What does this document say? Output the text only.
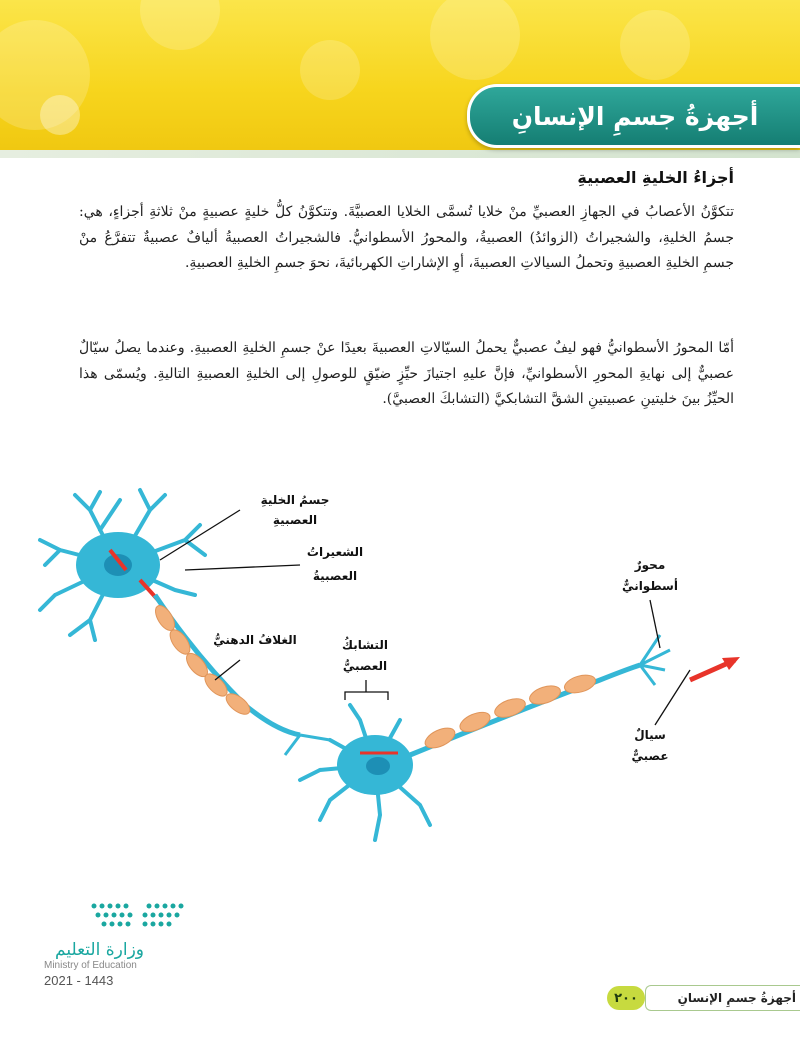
أجهزةُ جسمِ الإنسانِ
أجزاءُ الخليةِ العصبيةِ
تتكوَّنُ الأعصابُ في الجهازِ العصبيِّ منْ خلايا تُسمَّى الخلايا العصبيَّةَ. وتتكوَّنُ كلُّ خليةٍ عصبيةٍ منْ ثلاثةِ أجزاءٍ، هي: جسمُ الخليةِ، والشجيراتُ (الزوائدُ) العصبيةُ، والمحورُ الأسطوانيُّ. فالشجيراتُ العصبيةُ أليافٌ عصبيةٌ تتفرَّعُ منْ جسمِ الخليةِ العصبيةِ وتحملُ السيالاتِ العصبيةَ، أوِ الإشاراتِ الكهربائيةَ، نحوَ جسمِ الخليةِ العصبيةِ.
أمّا المحورُ الأسطوانيُّ فهو ليفٌ عصبيٌّ يحملُ السيّالاتِ العصبيةَ بعيدًا عنْ جسمِ الخليةِ العصبيةِ. وعندما يصلُ سيّالٌ عصبيٌّ إلى نهايةِ المحورِ الأسطوانيِّ، فإنَّ عليهِ اجتيازَ حيِّزٍ ضيّقٍ للوصولِ إلى الخليةِ العصبيةِ التاليةِ. ويُسمّى هذا الحيِّزُ بينَ خليتينِ عصبيتينِ الشقَّ التشابكيَّ (التشابكَ العصبيَّ).
جسمُ الخليةِ العصبيةِ
الشعيراتُ
العصبيةُ
الغلافُ الدهنيُّ	التشابكُ
العصبيُّ
محورٌ
أسطوانيٌّ
سيالٌ
عصبيٌّ
وزارة التعليم
Ministry of Education
2021 - 1443
أجهزةُ جسمِ الإنسانِ
٢٠٠
